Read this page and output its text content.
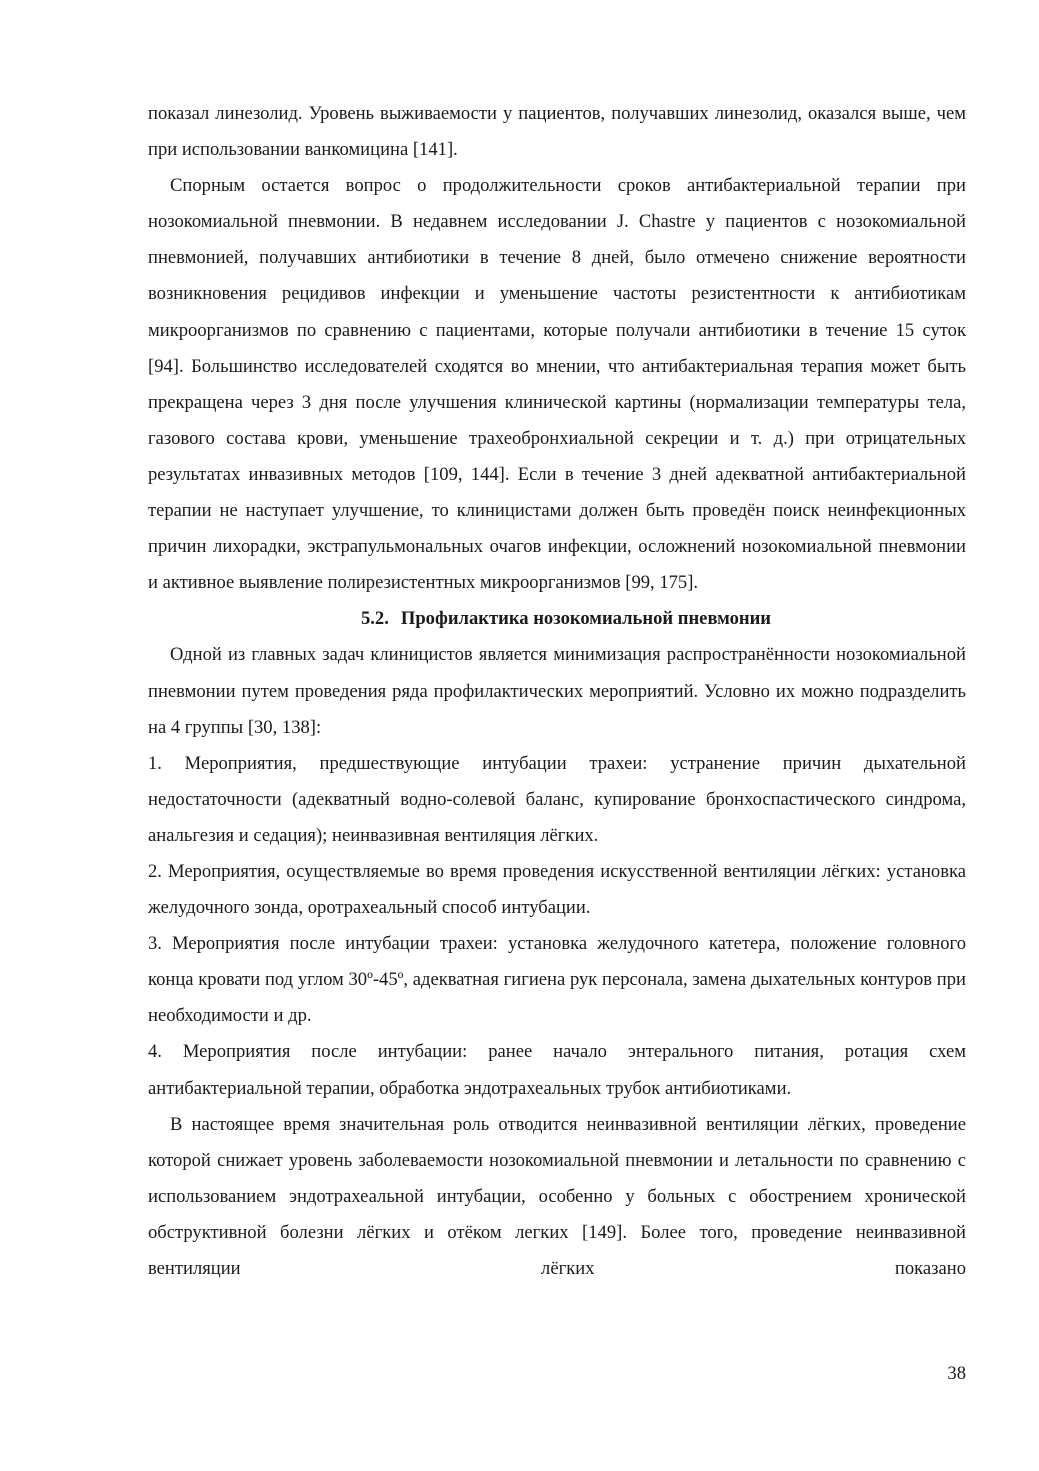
показал линезолид. Уровень выживаемости у пациентов, получавших линезолид, оказался выше, чем при использовании ванкомицина [141].

Спорным остается вопрос о продолжительности сроков антибактериальной терапии при нозокомиальной пневмонии. В недавнем исследовании J. Chastre у пациентов с нозокомиальной пневмонией, получавших антибиотики в течение 8 дней, было отмечено снижение вероятности возникновения рецидивов инфекции и уменьшение частоты резистентности к антибиотикам микроорганизмов по сравнению с пациентами, которые получали антибиотики в течение 15 суток [94]. Большинство исследователей сходятся во мнении, что антибактериальная терапия может быть прекращена через 3 дня после улучшения клинической картины (нормализации температуры тела, газового состава крови, уменьшение трахеобронхиальной секреции и т. д.) при отрицательных результатах инвазивных методов [109, 144]. Если в течение 3 дней адекватной антибактериальной терапии не наступает улучшение, то клиницистами должен быть проведён поиск неинфекционных причин лихорадки, экстрапульмональных очагов инфекции, осложнений нозокомиальной пневмонии и активное выявление полирезистентных микроорганизмов [99, 175].

5.2. Профилактика нозокомиальной пневмонии

Одной из главных задач клиницистов является минимизация распространённости нозокомиальной пневмонии путем проведения ряда профилактических мероприятий. Условно их можно подразделить на 4 группы [30, 138]:

1. Мероприятия, предшествующие интубации трахеи: устранение причин дыхательной недостаточности (адекватный водно-солевой баланс, купирование бронхоспастического синдрома, анальгезия и седация); неинвазивная вентиляция лёгких.

2. Мероприятия, осуществляемые во время проведения искусственной вентиляции лёгких: установка желудочного зонда, оротрахеальный способ интубации.

3. Мероприятия после интубации трахеи: установка желудочного катетера, положение головного конца кровати под углом 30º-45º, адекватная гигиена рук персонала, замена дыхательных контуров при необходимости и др.

4. Мероприятия после интубации: ранее начало энтерального питания, ротация схем антибактериальной терапии, обработка эндотрахеальных трубок антибиотиками.

В настоящее время значительная роль отводится неинвазивной вентиляции лёгких, проведение которой снижает уровень заболеваемости нозокомиальной пневмонии и летальности по сравнению с использованием эндотрахеальной интубации, особенно у больных с обострением хронической обструктивной болезни лёгких и отёком легких [149]. Более того, проведение неинвазивной вентиляции лёгких показано

38
